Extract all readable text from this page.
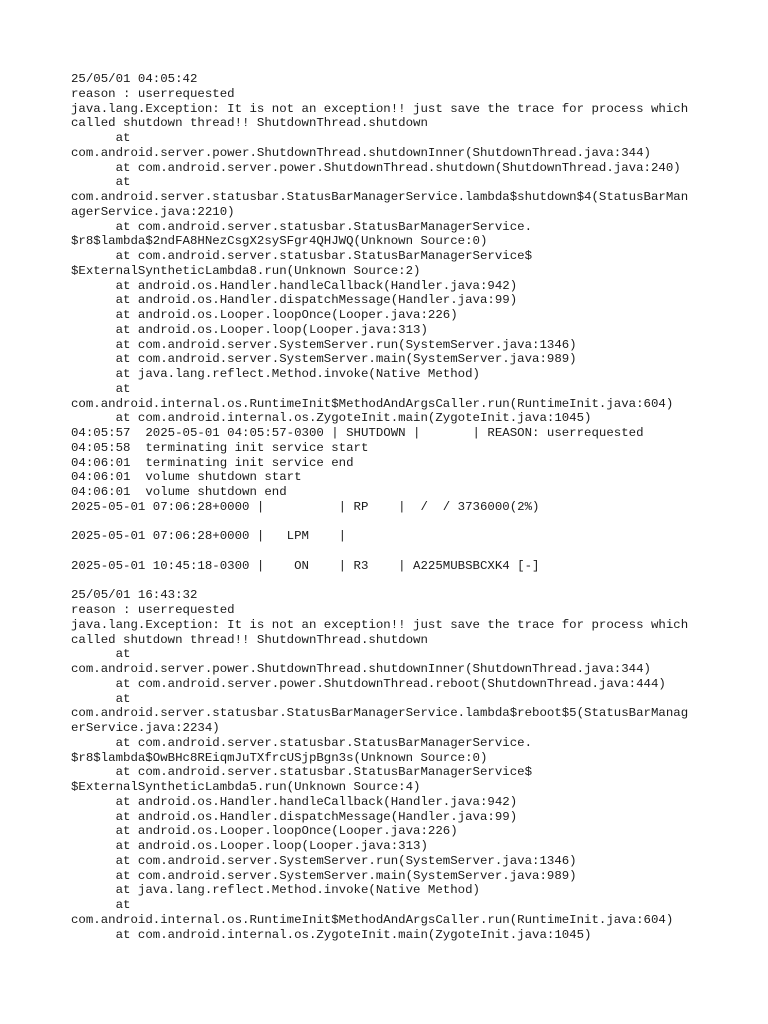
25/05/01 04:05:42
reason : userrequested
java.lang.Exception: It is not an exception!! just save the trace for process which
called shutdown thread!! ShutdownThread.shutdown
at
com.android.server.power.ShutdownThread.shutdownInner(ShutdownThread.java:344)
at com.android.server.power.ShutdownThread.shutdown(ShutdownThread.java:240)
at
com.android.server.statusbar.StatusBarManagerService.lambda$shutdown$4(StatusBarMan
agerService.java:2210)
at com.android.server.statusbar.StatusBarManagerService.
$r8$lambda$2ndFA8HNezCsgX2sySFgr4QHJWQ(Unknown Source:0)
at com.android.server.statusbar.StatusBarManagerService$
$ExternalSyntheticLambda8.run(Unknown Source:2)
at android.os.Handler.handleCallback(Handler.java:942)
at android.os.Handler.dispatchMessage(Handler.java:99)
at android.os.Looper.loopOnce(Looper.java:226)
at android.os.Looper.loop(Looper.java:313)
at com.android.server.SystemServer.run(SystemServer.java:1346)
at com.android.server.SystemServer.main(SystemServer.java:989)
at java.lang.reflect.Method.invoke(Native Method)
at
com.android.internal.os.RuntimeInit$MethodAndArgsCaller.run(RuntimeInit.java:604)
at com.android.internal.os.ZygoteInit.main(ZygoteInit.java:1045)
04:05:57  2025-05-01 04:05:57-0300 | SHUTDOWN |       | REASON: userrequested
04:05:58  terminating init service start
04:06:01  terminating init service end
04:06:01  volume shutdown start
04:06:01  volume shutdown end
2025-05-01 07:06:28+0000 |          | RP    |  /  / 3736000(2%)
2025-05-01 07:06:28+0000 |   LPM    |
2025-05-01 10:45:18-0300 |    ON    | R3    | A225MUBSBCXK4 [-]
25/05/01 16:43:32
reason : userrequested
java.lang.Exception: It is not an exception!! just save the trace for process which
called shutdown thread!! ShutdownThread.shutdown
at
com.android.server.power.ShutdownThread.shutdownInner(ShutdownThread.java:344)
at com.android.server.power.ShutdownThread.reboot(ShutdownThread.java:444)
at
com.android.server.statusbar.StatusBarManagerService.lambda$reboot$5(StatusBarManag
erService.java:2234)
at com.android.server.statusbar.StatusBarManagerService.
$r8$lambda$OwBHc8REiqmJuTXfrcUSjpBgn3s(Unknown Source:0)
at com.android.server.statusbar.StatusBarManagerService$
$ExternalSyntheticLambda5.run(Unknown Source:4)
at android.os.Handler.handleCallback(Handler.java:942)
at android.os.Handler.dispatchMessage(Handler.java:99)
at android.os.Looper.loopOnce(Looper.java:226)
at android.os.Looper.loop(Looper.java:313)
at com.android.server.SystemServer.run(SystemServer.java:1346)
at com.android.server.SystemServer.main(SystemServer.java:989)
at java.lang.reflect.Method.invoke(Native Method)
at
com.android.internal.os.RuntimeInit$MethodAndArgsCaller.run(RuntimeInit.java:604)
at com.android.internal.os.ZygoteInit.main(ZygoteInit.java:1045)
